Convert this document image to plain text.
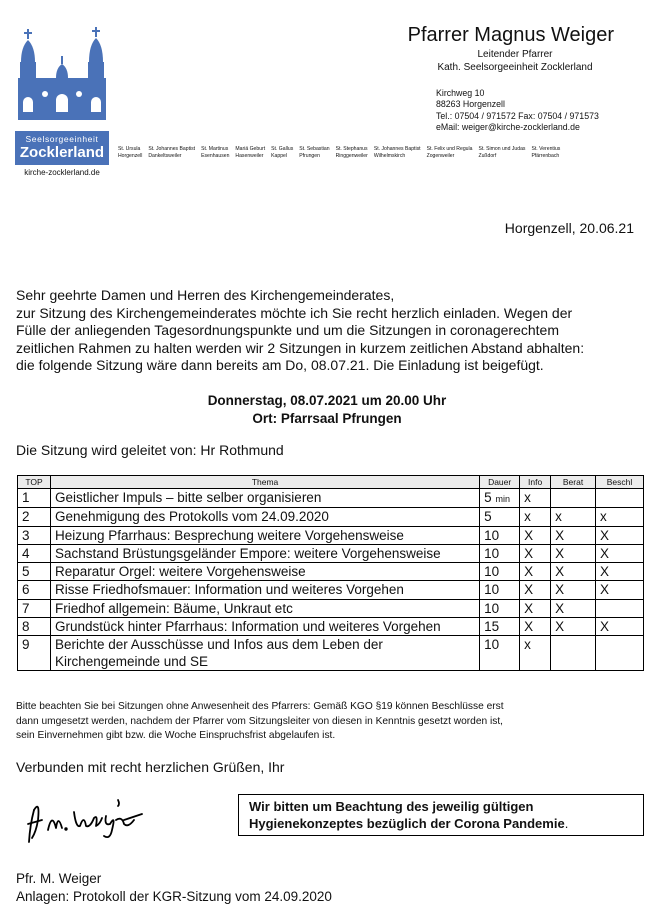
Seelsorgeeinheit
Zocklerland
kirche-zocklerland.de
Pfarrer Magnus Weiger
Leitender Pfarrer
Kath. Seelsorgeeinheit Zocklerland
Kirchweg 10
88263 Horgenzell
Tel.: 07504 / 971572 Fax: 07504 / 971573
eMail: weiger@kirche-zocklerland.de
St. Ursula
Horgenzell
St. Johannes Baptist
Dankeltsweiler
St. Martinus
Esenhausen
Mariä Geburt
Hasenweiler
St. Gallus
Kappel
St. Sebastian
Pfrungen
St. Stephanus
Ringgenweiler
St. Johannes Baptist
Wilhelmskirch
St. Felix und Regula
Zogenweiler
St. Simon und Judas
Zußdorf
St. Verentius
Pfärrenbach
Horgenzell, 20.06.21
Sehr geehrte Damen und Herren des Kirchengemeinderates,
zur Sitzung des Kirchengemeinderates möchte ich Sie recht herzlich einladen. Wegen der
Fülle der anliegenden Tagesordnungspunkte und um die Sitzungen in coronagerechtem
zeitlichen Rahmen zu halten werden wir 2 Sitzungen in kurzem zeitlichen Abstand abhalten:
die folgende Sitzung wäre dann bereits am Do, 08.07.21. Die Einladung ist beigefügt.
Donnerstag, 08.07.2021 um 20.00 Uhr
Ort: Pfarrsaal Pfrungen
Die Sitzung wird geleitet von: Hr Rothmund
TOP	Thema	Dauer	Info	Berat	Beschl
1	Geistlicher Impuls – bitte selber organisieren	5 min	x		
2	Genehmigung des Protokolls vom 24.09.2020	5	x	x	x
3	Heizung Pfarrhaus: Besprechung weitere Vorgehensweise	10	X	X	X
4	Sachstand Brüstungsgeländer Empore: weitere Vorgehensweise	10	X	X	X
5	Reparatur Orgel: weitere Vorgehensweise	10	X	X	X
6	Risse Friedhofsmauer: Information und weiteres Vorgehen	10	X	X	X
7	Friedhof allgemein: Bäume, Unkraut etc	10	X	X	
8	Grundstück hinter Pfarrhaus: Information und weiteres Vorgehen	15	X	X	X
9	Berichte der Ausschüsse und Infos aus dem Leben der Kirchengemeinde und SE	10	x		
Bitte beachten Sie bei Sitzungen ohne Anwesenheit des Pfarrers: Gemäß KGO §19 können Beschlüsse erst
dann umgesetzt werden, nachdem der Pfarrer vom Sitzungsleiter von diesen in Kenntnis gesetzt worden ist,
sein Einvernehmen gibt bzw. die Woche Einspruchsfrist abgelaufen ist.
Verbunden mit recht herzlichen Grüßen, Ihr
Wir bitten um Beachtung des jeweilig gültigen
Hygienekonzeptes bezüglich der Corona Pandemie.
Pfr. M. Weiger
Anlagen: Protokoll der KGR-Sitzung vom 24.09.2020
